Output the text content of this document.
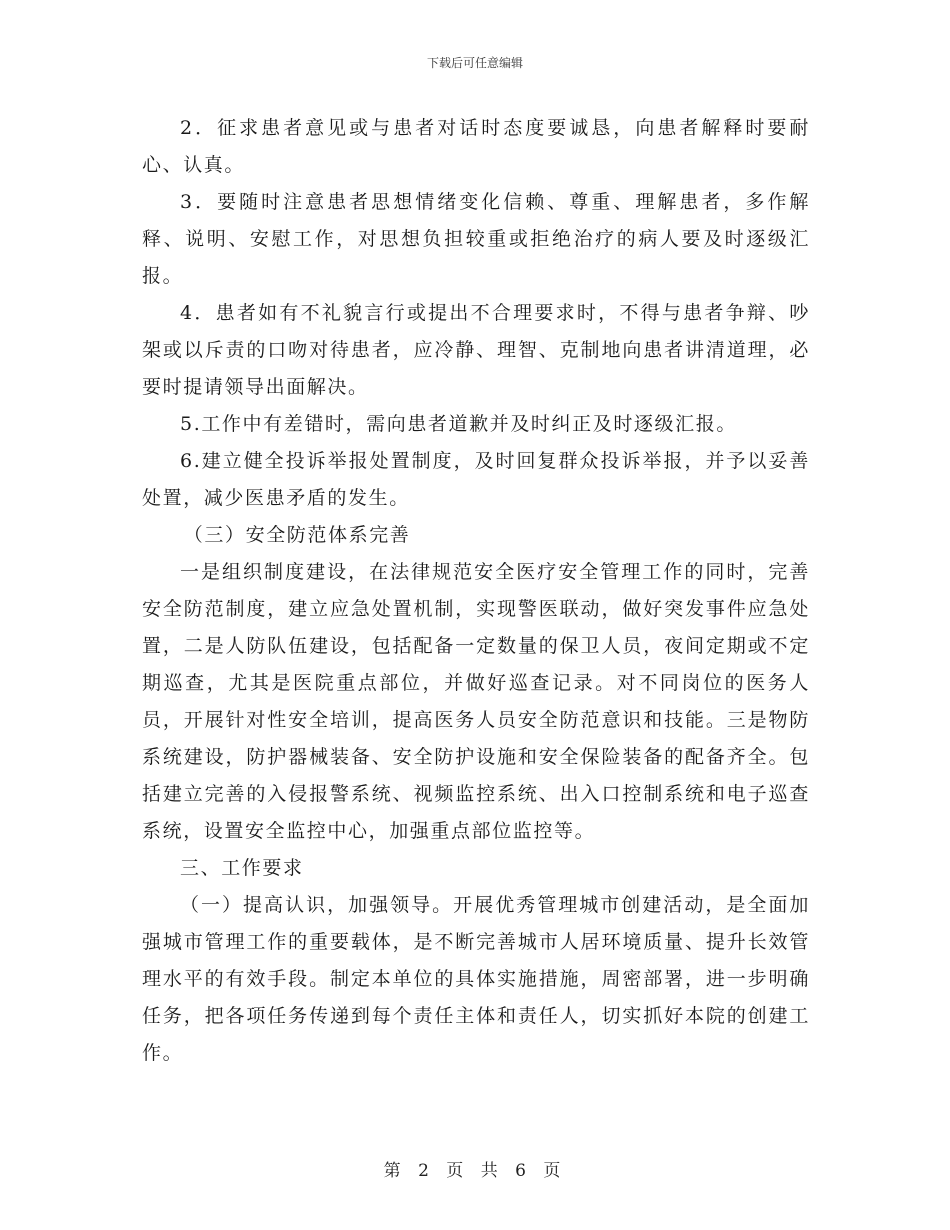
下载后可任意编辑

2．征求患者意见或与患者对话时态度要诚恳，向患者解释时要耐心、认真。

3．要随时注意患者思想情绪变化信赖、尊重、理解患者，多作解释、说明、安慰工作，对思想负担较重或拒绝治疗的病人要及时逐级汇报。

4．患者如有不礼貌言行或提出不合理要求时，不得与患者争辩、吵架或以斥责的口吻对待患者，应冷静、理智、克制地向患者讲清道理，必要时提请领导出面解决。

5.工作中有差错时，需向患者道歉并及时纠正及时逐级汇报。

6.建立健全投诉举报处置制度，及时回复群众投诉举报，并予以妥善处置，减少医患矛盾的发生。

（三）安全防范体系完善

一是组织制度建设，在法律规范安全医疗安全管理工作的同时，完善安全防范制度，建立应急处置机制，实现警医联动，做好突发事件应急处置，二是人防队伍建设，包括配备一定数量的保卫人员，夜间定期或不定期巡查，尤其是医院重点部位，并做好巡查记录。对不同岗位的医务人员，开展针对性安全培训，提高医务人员安全防范意识和技能。三是物防系统建设，防护器械装备、安全防护设施和安全保险装备的配备齐全。包括建立完善的入侵报警系统、视频监控系统、出入口控制系统和电子巡查系统，设置安全监控中心，加强重点部位监控等。

三、工作要求

（一）提高认识，加强领导。开展优秀管理城市创建活动，是全面加强城市管理工作的重要载体，是不断完善城市人居环境质量、提升长效管理水平的有效手段。制定本单位的具体实施措施，周密部署，进一步明确任务，把各项任务传递到每个责任主体和责任人，切实抓好本院的创建工作。

第 2 页 共 6 页
